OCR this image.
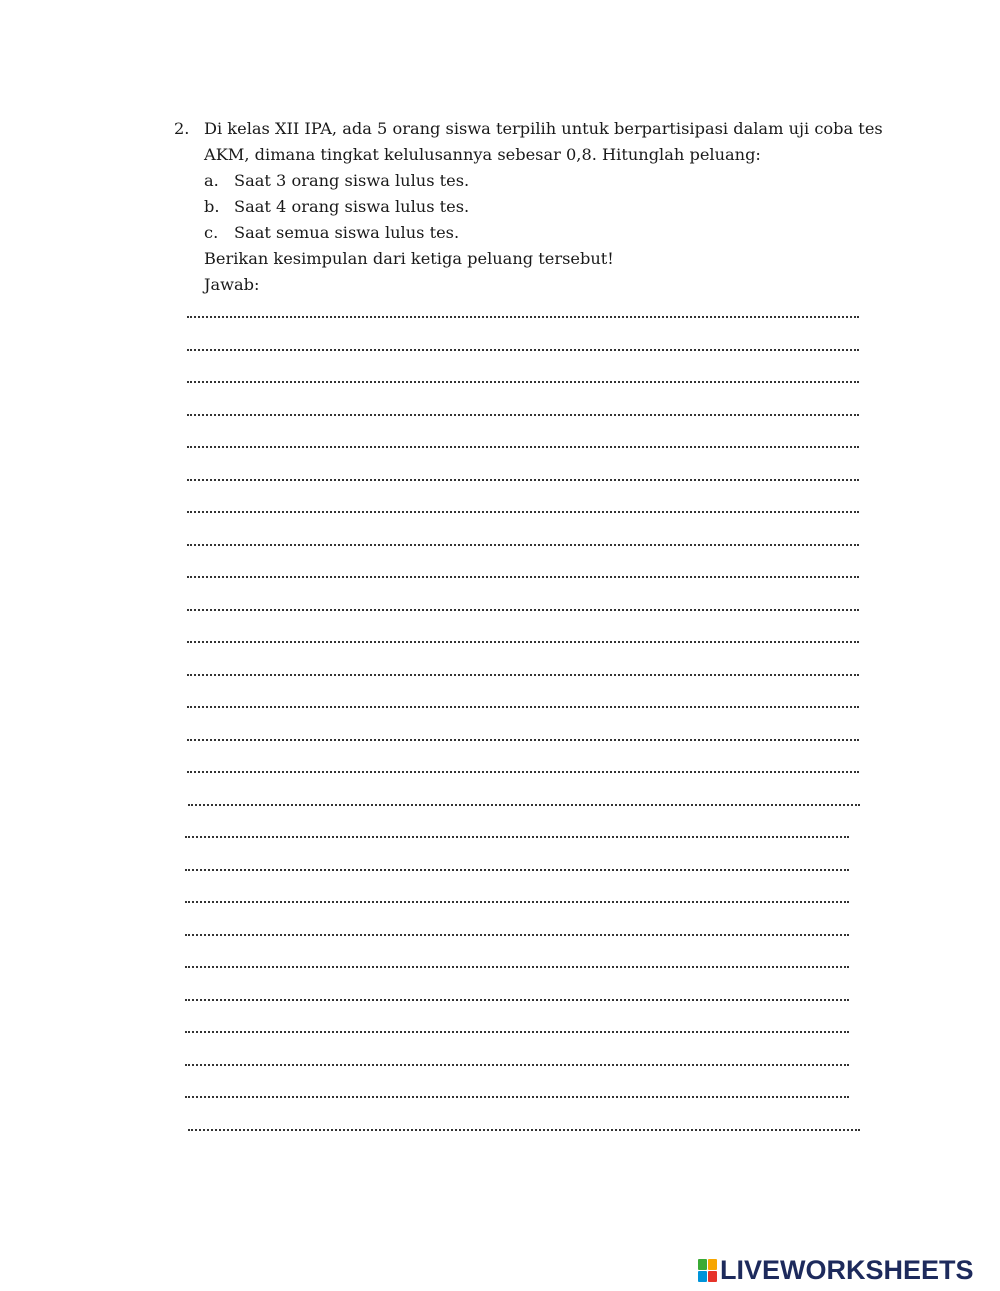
2. Di kelas XII IPA, ada 5 orang siswa terpilih untuk berpartisipasi dalam uji coba tes
AKM, dimana tingkat kelulusannya sebesar 0,8. Hitunglah peluang:
a. Saat 3 orang siswa lulus tes.
b. Saat 4 orang siswa lulus tes.
c. Saat semua siswa lulus tes.
Berikan kesimpulan dari ketiga peluang tersebut!
Jawab:
LIVEWORKSHEETS
